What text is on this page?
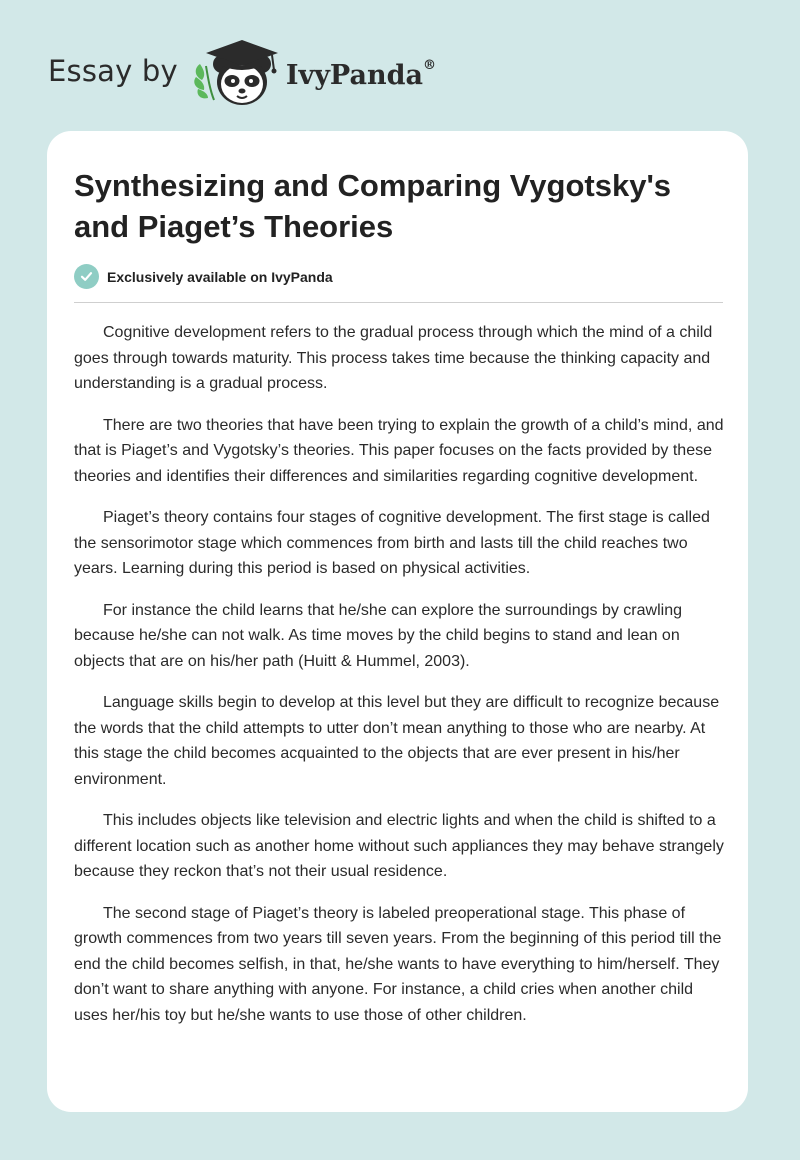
Essay by	IvyPanda®
Synthesizing and Comparing Vygotsky's and Piaget’s Theories
Exclusively available on IvyPanda

Cognitive development refers to the gradual process through which the mind of a child goes through towards maturity. This process takes time because the thinking capacity and understanding is a gradual process.

There are two theories that have been trying to explain the growth of a child’s mind, and that is Piaget’s and Vygotsky’s theories. This paper focuses on the facts provided by these theories and identifies their differences and similarities regarding cognitive development.

Piaget’s theory contains four stages of cognitive development. The first stage is called the sensorimotor stage which commences from birth and lasts till the child reaches two years. Learning during this period is based on physical activities.

For instance the child learns that he/she can explore the surroundings by crawling because he/she can not walk. As time moves by the child begins to stand and lean on objects that are on his/her path (Huitt & Hummel, 2003).

Language skills begin to develop at this level but they are difficult to recognize because the words that the child attempts to utter don’t mean anything to those who are nearby. At this stage the child becomes acquainted to the objects that are ever present in his/her environment.

This includes objects like television and electric lights and when the child is shifted to a different location such as another home without such appliances they may behave strangely because they reckon that’s not their usual residence.

The second stage of Piaget’s theory is labeled preoperational stage. This phase of growth commences from two years till seven years. From the beginning of this period till the end the child becomes selfish, in that, he/she wants to have everything to him/herself. They don’t want to share anything with anyone. For instance, a child cries when another child uses her/his toy but he/she wants to use those of other children.
